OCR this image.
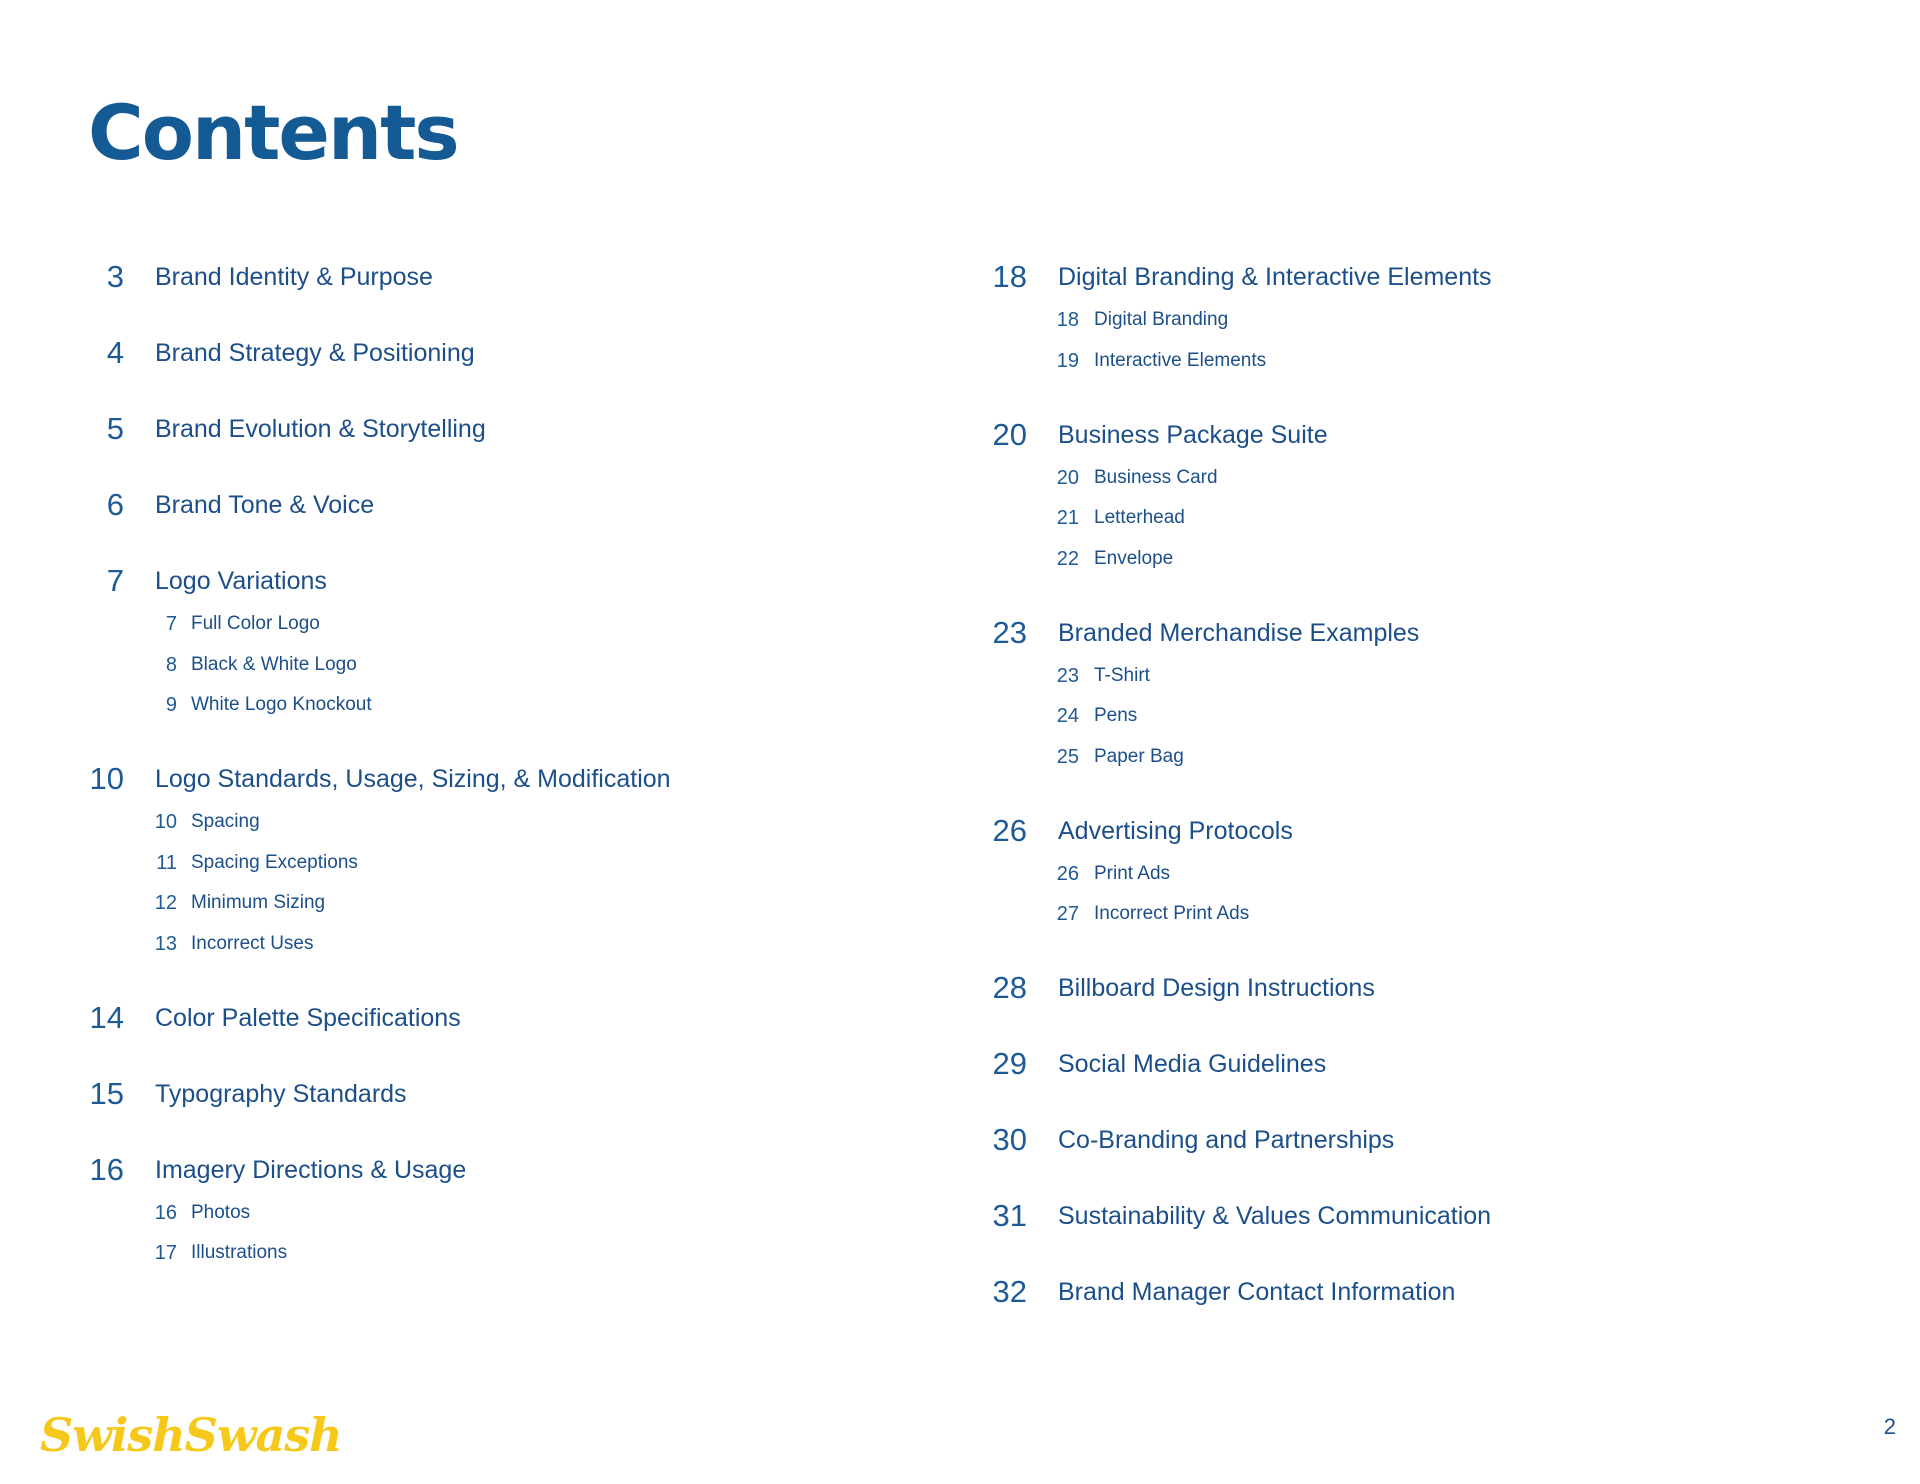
Contents
3 Brand Identity & Purpose
4 Brand Strategy & Positioning
5 Brand Evolution & Storytelling
6 Brand Tone & Voice
7 Logo Variations
7 Full Color Logo
8 Black & White Logo
9 White Logo Knockout
10 Logo Standards, Usage, Sizing, & Modification
10 Spacing
11 Spacing Exceptions
12 Minimum Sizing
13 Incorrect Uses
14 Color Palette Specifications
15 Typography Standards
16 Imagery Directions & Usage
16 Photos
17 Illustrations
18 Digital Branding & Interactive Elements
18 Digital Branding
19 Interactive Elements
20 Business Package Suite
20 Business Card
21 Letterhead
22 Envelope
23 Branded Merchandise Examples
23 T-Shirt
24 Pens
25 Paper Bag
26 Advertising Protocols
26 Print Ads
27 Incorrect Print Ads
28 Billboard Design Instructions
29 Social Media Guidelines
30 Co-Branding and Partnerships
31 Sustainability & Values Communication
32 Brand Manager Contact Information
SwishSwash	2
